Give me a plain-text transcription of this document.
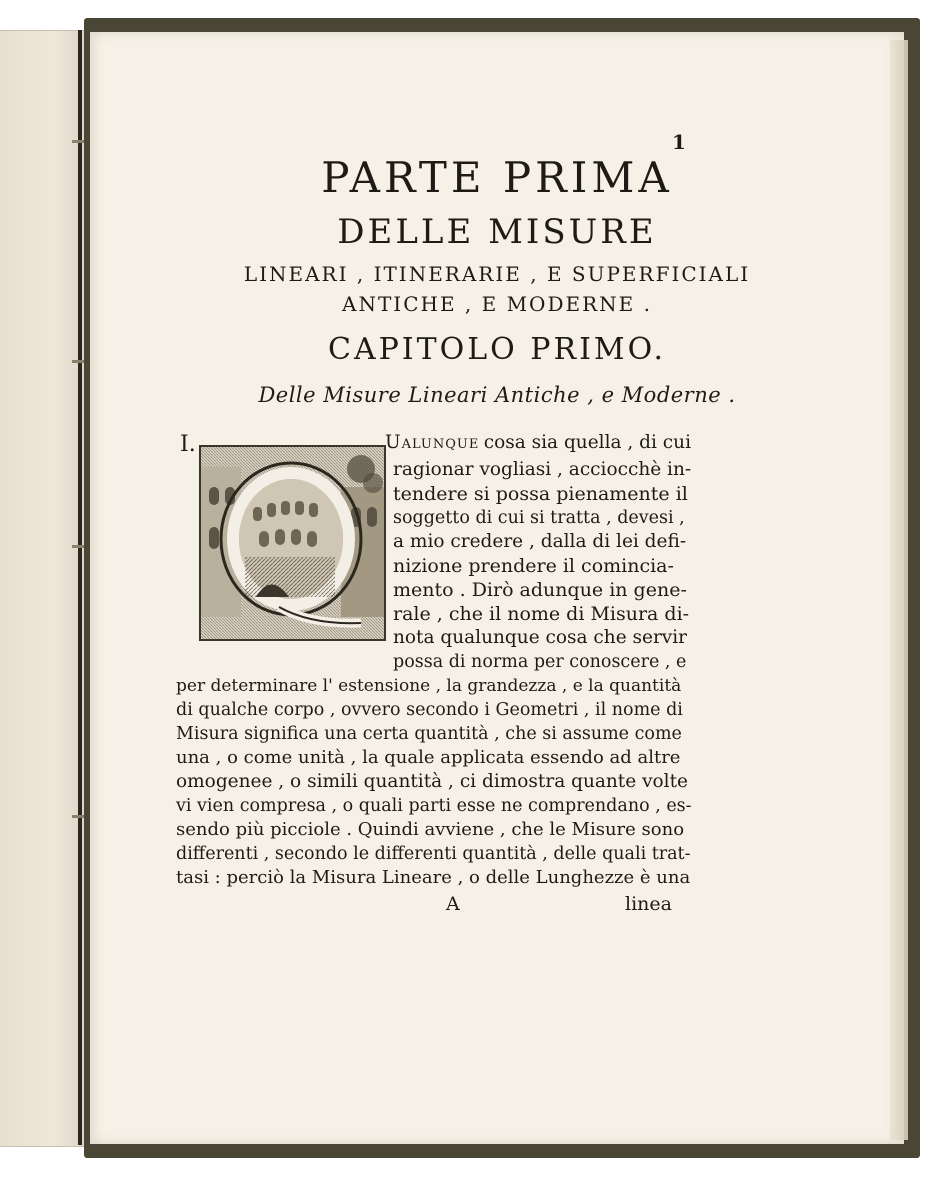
1
PARTE PRIMA
DELLE MISURE
LINEARI , ITINERARIE , E SUPERFICIALI
ANTICHE , E MODERNE .
CAPITOLO PRIMO.
Delle Misure Lineari Antiche , e Moderne .
I.	Ualunque cosa sia quella , di cui
ragionar vogliasi , acciocchè in-
tendere si possa pienamente il
soggetto di cui si tratta , devesi ,
a mio credere , dalla di lei defi-
nizione prendere il comincia-
mento . Dirò adunque in gene-
rale , che il nome di Misura di-
nota qualunque cosa che servir
possa di norma per conoscere , e
per determinare l' estensione , la grandezza , e la quantità
di qualche corpo , ovvero secondo i Geometri , il nome di
Misura significa una certa quantità , che si assume come
una , o come unità , la quale applicata essendo ad altre
omogenee , o simili quantità , ci dimostra quante volte
vi vien compresa , o quali parti esse ne comprendano , es-
sendo più picciole . Quindi avviene , che le Misure sono
differenti , secondo le differenti quantità , delle quali trat-
tasi : perciò la Misura Lineare , o delle Lunghezze è una
A	linea
